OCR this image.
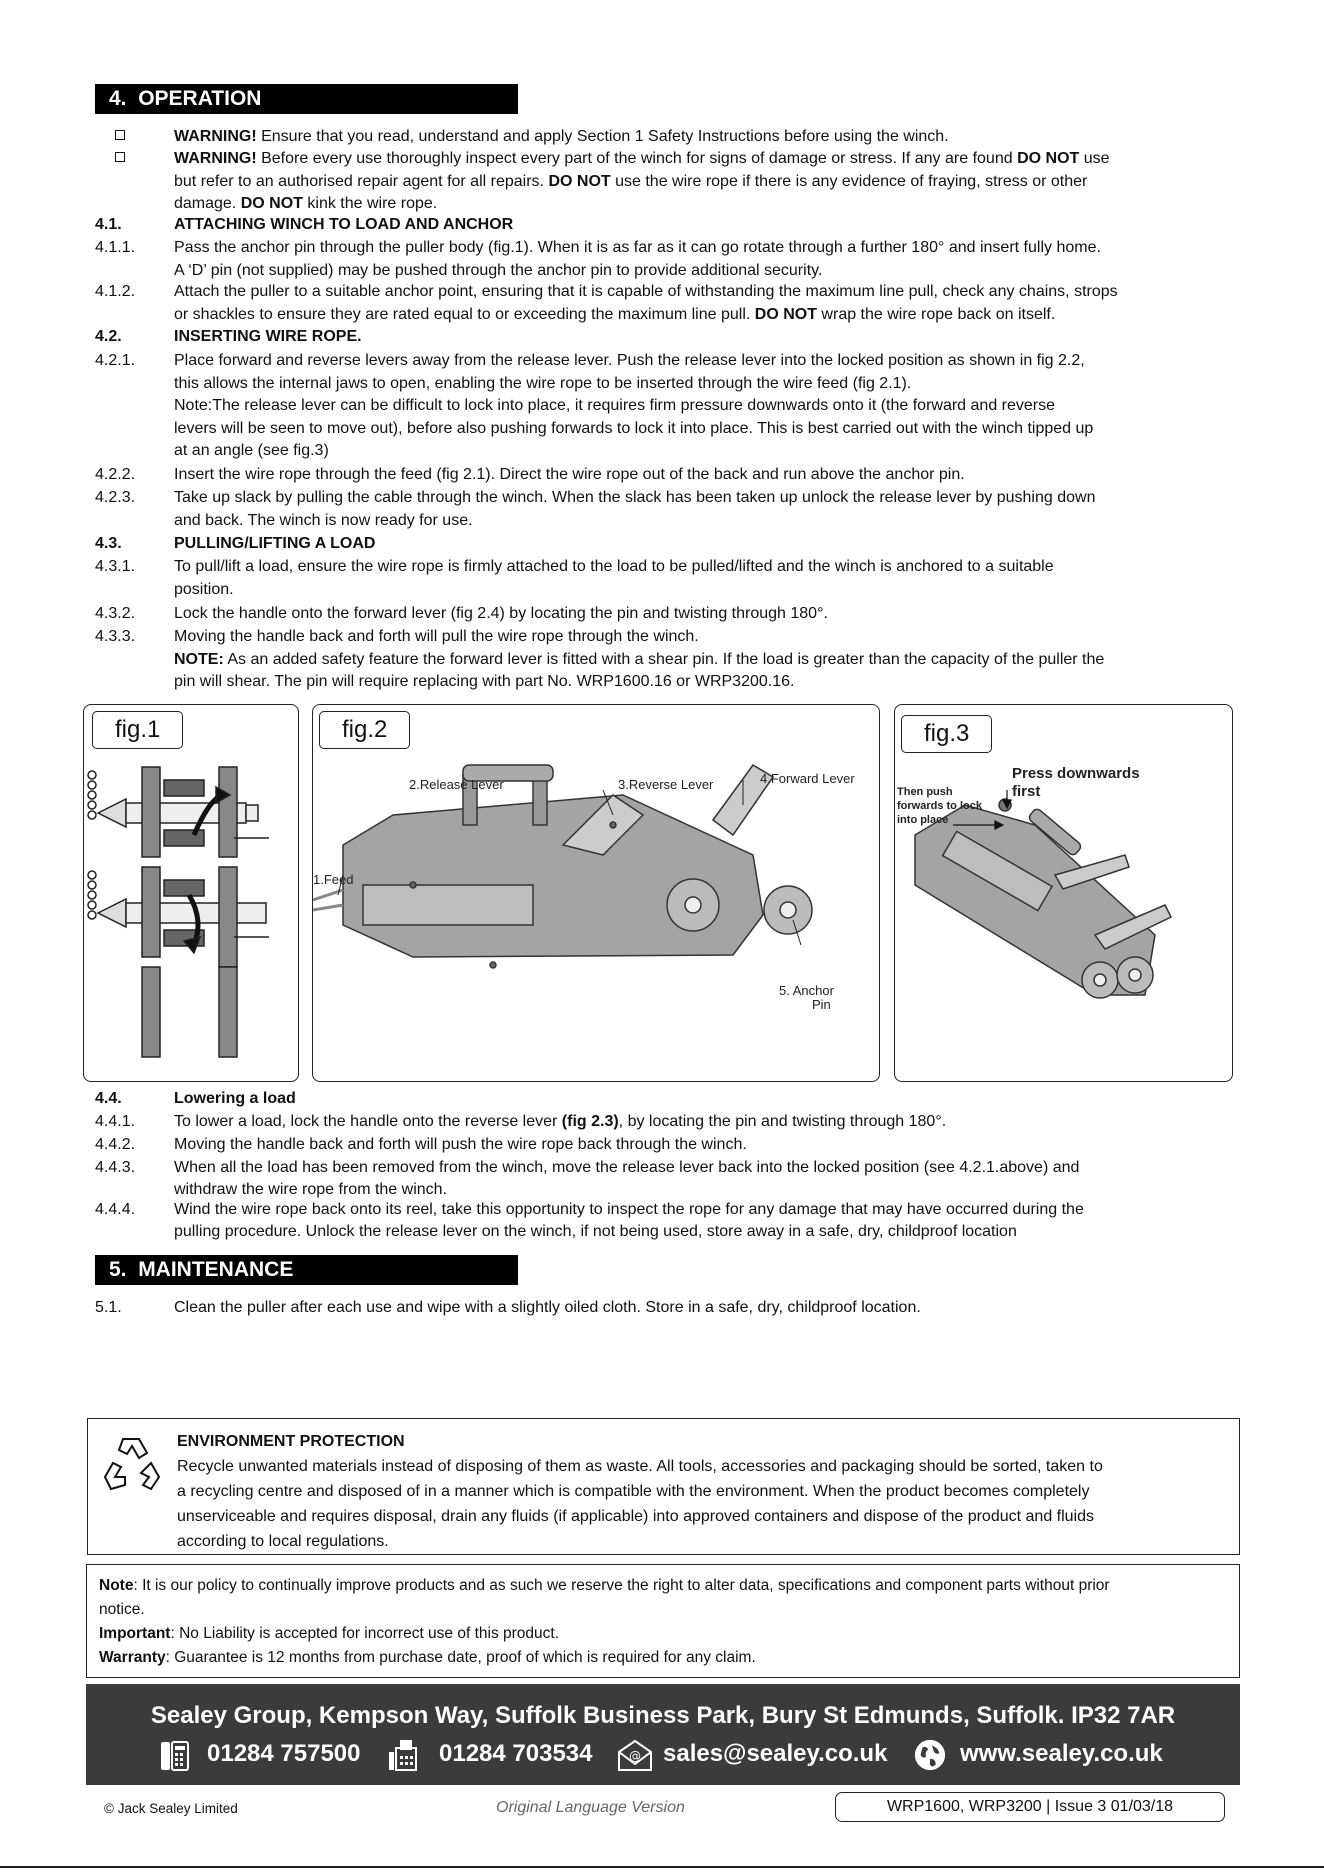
4. OPERATION
WARNING! Ensure that you read, understand and apply Section 1 Safety Instructions before using the winch.
WARNING! Before every use thoroughly inspect every part of the winch for signs of damage or stress. If any are found DO NOT use
but refer to an authorised repair agent for all repairs. DO NOT use the wire rope if there is any evidence of fraying, stress or other
damage. DO NOT kink the wire rope.
4.1.	ATTACHING WINCH TO LOAD AND ANCHOR
4.1.1. Pass the anchor pin through the puller body (fig.1). When it is as far as it can go rotate through a further 180° and insert fully home.
A ‘D’ pin (not supplied) may be pushed through the anchor pin to provide additional security.
4.1.2. Attach the puller to a suitable anchor point, ensuring that it is capable of withstanding the maximum line pull, check any chains, strops
or shackles to ensure they are rated equal to or exceeding the maximum line pull. DO NOT wrap the wire rope back on itself.
4.2.	INSERTING WIRE ROPE.
4.2.1. Place forward and reverse levers away from the release lever. Push the release lever into the locked position as shown in fig 2.2,
this allows the internal jaws to open, enabling the wire rope to be inserted through the wire feed (fig 2.1).
Note:The release lever can be difficult to lock into place, it requires firm pressure downwards onto it (the forward and reverse
levers will be seen to move out), before also pushing forwards to lock it into place. This is best carried out with the winch tipped up
at an angle (see fig.3)
4.2.2. Insert the wire rope through the feed (fig 2.1). Direct the wire rope out of the back and run above the anchor pin.
4.2.3. Take up slack by pulling the cable through the winch. When the slack has been taken up unlock the release lever by pushing down
and back. The winch is now ready for use.
4.3.	PULLING/LIFTING A LOAD
4.3.1. To pull/lift a load, ensure the wire rope is firmly attached to the load to be pulled/lifted and the winch is anchored to a suitable
position.
4.3.2. Lock the handle onto the forward lever (fig 2.4) by locating the pin and twisting through 180°.
4.3.3. Moving the handle back and forth will pull the wire rope through the winch.
NOTE: As an added safety feature the forward lever is fitted with a shear pin. If the load is greater than the capacity of the puller the
pin will shear. The pin will require replacing with part No. WRP1600.16 or WRP3200.16.
fig.1	fig.2
1.Feed
2.Release Lever	3.Reverse Lever	4.Forward Lever
5. Anchor
Pin
fig.3
Press downwards
first
Then push
forwards to lock
into place
4.4.	Lowering a load
4.4.1. To lower a load, lock the handle onto the reverse lever (fig 2.3), by locating the pin and twisting through 180°.
4.4.2. Moving the handle back and forth will push the wire rope back through the winch.
4.4.3. When all the load has been removed from the winch, move the release lever back into the locked position (see 4.2.1.above) and
withdraw the wire rope from the winch.
4.4.4. Wind the wire rope back onto its reel, take this opportunity to inspect the rope for any damage that may have occurred during the
pulling procedure. Unlock the release lever on the winch, if not being used, store away in a safe, dry, childproof location
5. MAINTENANCE
5.1.	Clean the puller after each use and wipe with a slightly oiled cloth. Store in a safe, dry, childproof location.
ENVIRONMENT PROTECTION
Recycle unwanted materials instead of disposing of them as waste. All tools, accessories and packaging should be sorted, taken to
a recycling centre and disposed of in a manner which is compatible with the environment. When the product becomes completely
unserviceable and requires disposal, drain any fluids (if applicable) into approved containers and dispose of the product and fluids
according to local regulations.
Note: It is our policy to continually improve products and as such we reserve the right to alter data, specifications and component parts without prior
notice.
Important: No Liability is accepted for incorrect use of this product.
Warranty: Guarantee is 12 months from purchase date, proof of which is required for any claim.
Sealey Group, Kempson Way, Suffolk Business Park, Bury St Edmunds, Suffolk. IP32 7AR
01284 757500	01284 703534	@ sales@sealey.co.uk	www.sealey.co.uk
© Jack Sealey Limited	Original Language Version	WRP1600, WRP3200 | Issue 3 01/03/18
